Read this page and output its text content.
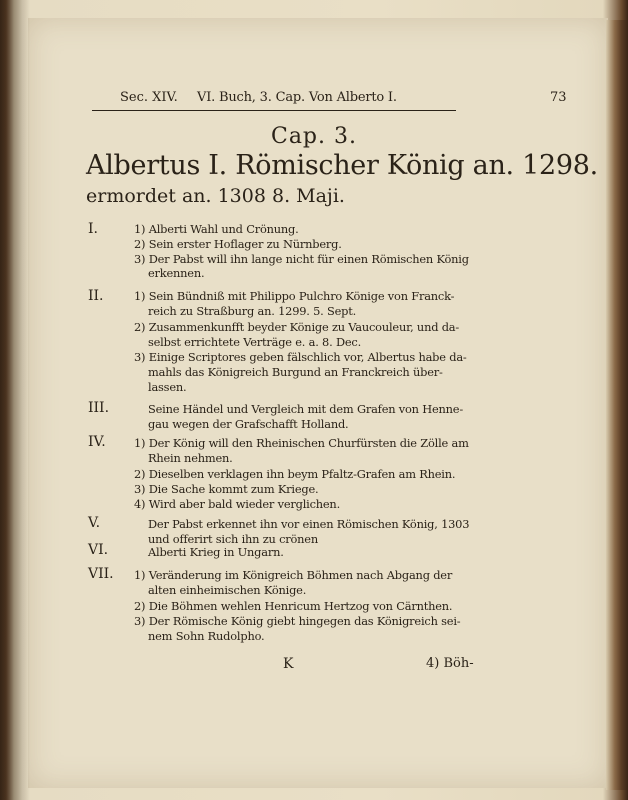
Sec. XIV. VI. Buch, 3. Cap. Von Alberto I.	73
Cap. 3.
Albertus I. Römischer König an. 1298.
ermordet an. 1308 8. Maji.
I.	1) Alberti Wahl und Crönung.
2) Sein erster Hoflager zu Nürnberg.
3) Der Pabst will ihn lange nicht für einen Römischen König
erkennen.
II.	1) Sein Bündniß mit Philippo Pulchro Könige von Franck-
reich zu Straßburg an. 1299. 5. Sept.
2) Zusammenkunfft beyder Könige zu Vaucouleur, und da-
selbst errichtete Verträge e. a. 8. Dec.
3) Einige Scriptores geben fälschlich vor, Albertus habe da-
mahls das Königreich Burgund an Franckreich über-
lassen.
III.	Seine Händel und Vergleich mit dem Grafen von Henne-
gau wegen der Grafschafft Holland.
IV. 1) Der König will den Rheinischen Churfürsten die Zölle am
Rhein nehmen.
2) Dieselben verklagen ihn beym Pfaltz-Grafen am Rhein.
3) Die Sache kommt zum Kriege.
4) Wird aber bald wieder verglichen.
V.	Der Pabst erkennet ihn vor einen Römischen König, 1303
und offerirt sich ihn zu crönen
VI.	Alberti Krieg in Ungarn.
VII. 1) Veränderung im Königreich Böhmen nach Abgang der
alten einheimischen Könige.
2) Die Böhmen wehlen Henricum Hertzog von Cärnthen.
3) Der Römische König giebt hingegen das Königreich sei-
nem Sohn Rudolpho.
K	4) Böh-
